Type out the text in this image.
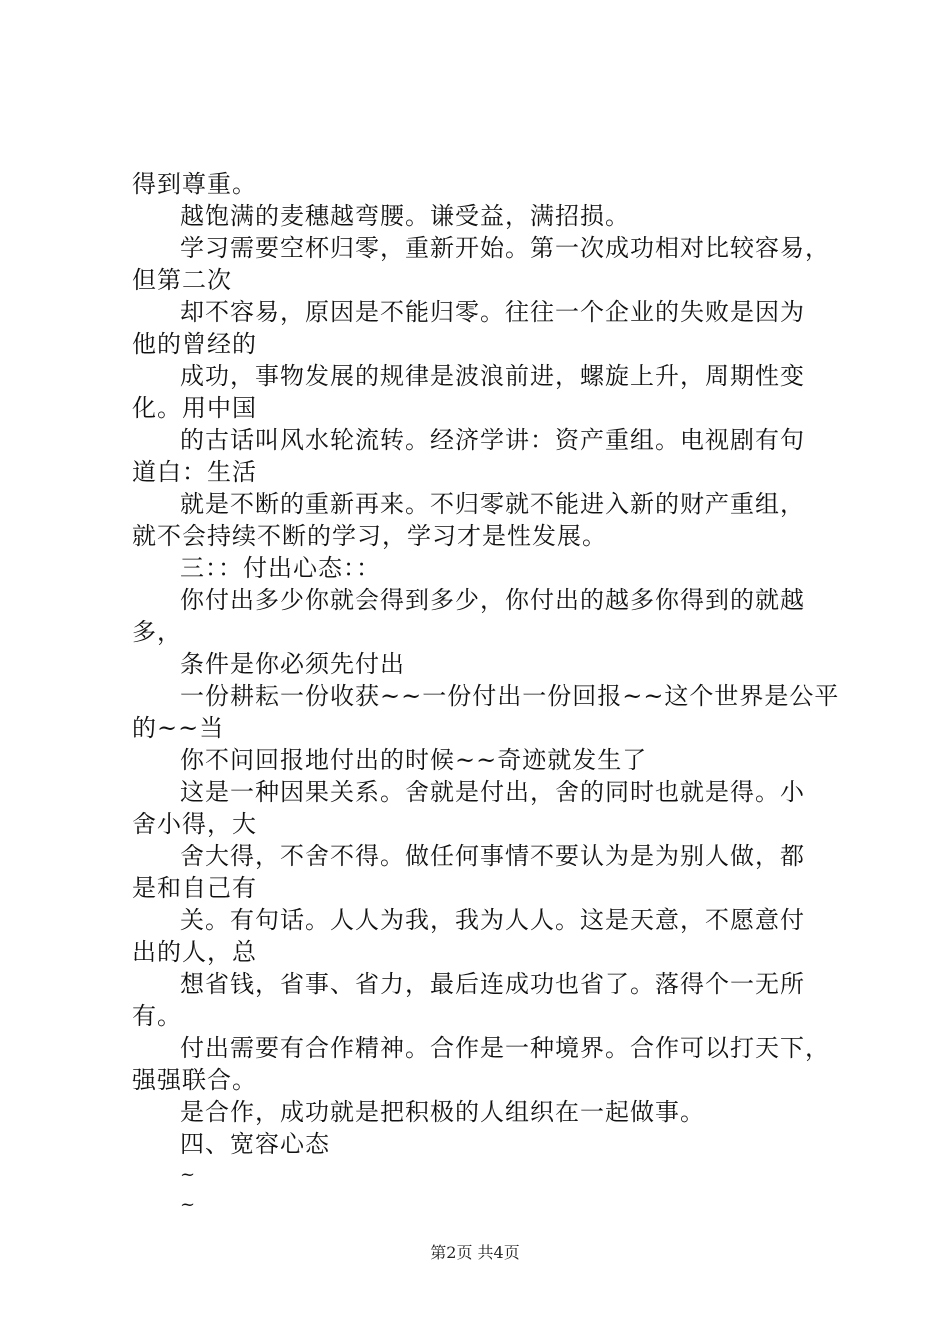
得到尊重。
越饱满的麦穗越弯腰。谦受益，满招损。
学习需要空杯归零，重新开始。第一次成功相对比较容易，
但第二次
却不容易，原因是不能归零。往往一个企业的失败是因为
他的曾经的
成功，事物发展的规律是波浪前进，螺旋上升，周期性变
化。用中国
的古话叫风水轮流转。经济学讲：资产重组。电视剧有句
道白：生活
就是不断的重新再来。不归零就不能进入新的财产重组，
就不会持续不断的学习，学习才是性发展。
三：：付出心态：：
你付出多少你就会得到多少，你付出的越多你得到的就越
多，
条件是你必须先付出
一份耕耘一份收获~~一份付出一份回报~~这个世界是公平
的~~当
你不问回报地付出的时候~~奇迹就发生了
这是一种因果关系。舍就是付出，舍的同时也就是得。小
舍小得，大
舍大得，不舍不得。做任何事情不要认为是为别人做，都
是和自己有
关。有句话。人人为我，我为人人。这是天意，不愿意付
出的人，总
想省钱，省事、省力，最后连成功也省了。落得个一无所
有。
付出需要有合作精神。合作是一种境界。合作可以打天下，
强强联合。
是合作，成功就是把积极的人组织在一起做事。
四、宽容心态
~
~
第2页 共4页
